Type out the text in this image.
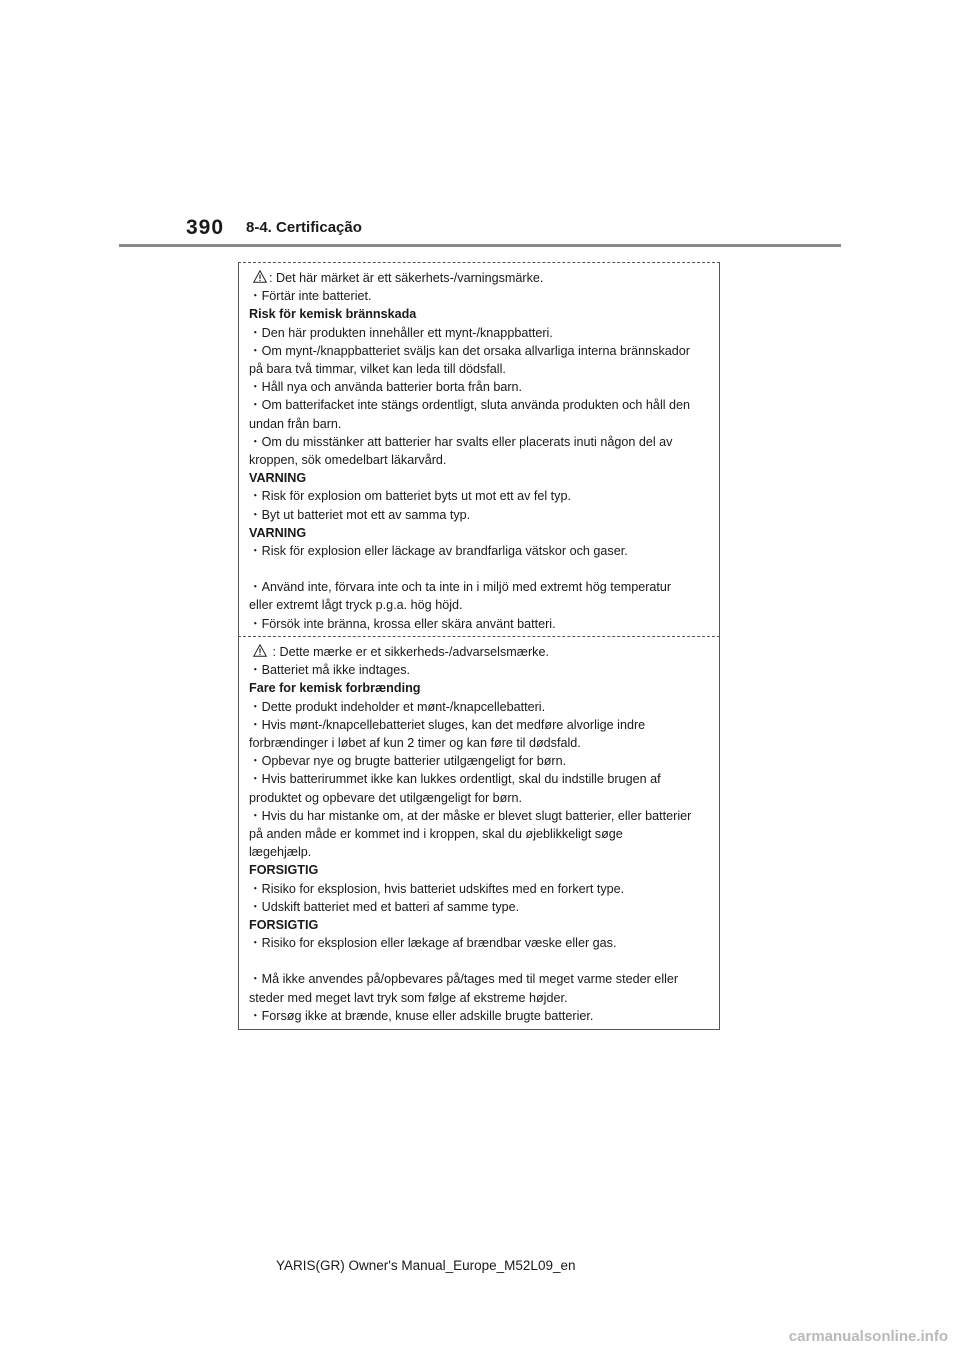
390 8-4. Certificação

: Det här märket är ett säkerhets-/varningsmärke.

・Förtär inte batteriet.

Risk för kemisk brännskada

・Den här produkten innehåller ett mynt-/knappbatteri.

・Om mynt-/knappbatteriet sväljs kan det orsaka allvarliga interna brännskador

på bara två timmar, vilket kan leda till dödsfall.

・Håll nya och använda batterier borta från barn.

・Om batterifacket inte stängs ordentligt, sluta använda produkten och håll den

undan från barn.

・Om du misstänker att batterier har svalts eller placerats inuti någon del av

kroppen, sök omedelbart läkarvård.

VARNING

・Risk för explosion om batteriet byts ut mot ett av fel typ.

・Byt ut batteriet mot ett av samma typ.

VARNING

・Risk för explosion eller läckage av brandfarliga vätskor och gaser.

・Använd inte, förvara inte och ta inte in i miljö med extremt hög temperatur

eller extremt lågt tryck p.g.a. hög höjd.

・Försök inte bränna, krossa eller skära använt batteri.

: Dette mærke er et sikkerheds-/advarselsmærke.

・Batteriet må ikke indtages.

Fare for kemisk forbrænding

・Dette produkt indeholder et mønt-/knapcellebatteri.

・Hvis mønt-/knapcellebatteriet sluges, kan det medføre alvorlige indre

forbrændinger i løbet af kun 2 timer og kan føre til dødsfald.

・Opbevar nye og brugte batterier utilgængeligt for børn.

・Hvis batterirummet ikke kan lukkes ordentligt, skal du indstille brugen af

produktet og opbevare det utilgængeligt for børn.

・Hvis du har mistanke om, at der måske er blevet slugt batterier, eller batterier

på anden måde er kommet ind i kroppen, skal du øjeblikkeligt søge

lægehjælp.

FORSIGTIG

・Risiko for eksplosion, hvis batteriet udskiftes med en forkert type.

・Udskift batteriet med et batteri af samme type.

FORSIGTIG

・Risiko for eksplosion eller lækage af brændbar væske eller gas.

・Må ikke anvendes på/opbevares på/tages med til meget varme steder eller

steder med meget lavt tryk som følge af ekstreme højder.

・Forsøg ikke at brænde, knuse eller adskille brugte batterier.

YARIS(GR) Owner's Manual_Europe_M52L09_en
carmanualsonline.info
